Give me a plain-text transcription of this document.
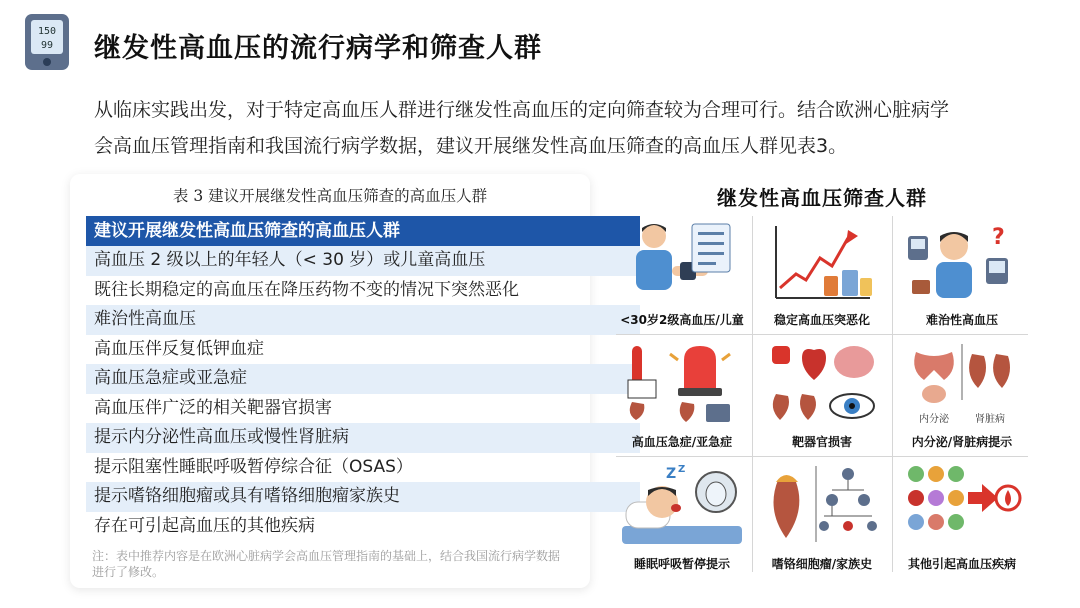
150
99 继发性高血压的流行病学和筛查人群

从临床实践出发，对于特定高血压人群进行继发性高血压的定向筛查较为合理可行。结合欧洲心脏病学
会高血压管理指南和我国流行病学数据，建议开展继发性高血压筛查的高血压人群见表3。

表 3 建议开展继发性高血压筛查的高血压人群
建议开展继发性高血压筛查的高血压人群
高血压 2 级以上的年轻人（< 30 岁）或儿童高血压
既往长期稳定的高血压在降压药物不变的情况下突然恶化
难治性高血压
高血压伴反复低钾血症
高血压急症或亚急症
高血压伴广泛的相关靶器官损害
提示内分泌性高血压或慢性肾脏病
提示阻塞性睡眠呼吸暂停综合征（OSAS）
提示嗜铬细胞瘤或具有嗜铬细胞瘤家族史
存在可引起高血压的其他疾病
注：表中推荐内容是在欧洲心脏病学会高血压管理指南的基础上，结合我国流行病学数据进行了修改。
继发性高血压筛查人群
<30岁2级高血压/儿童	稳定高血压突恶化
?
难治性高血压
高血压急症/亚急症	靶器官损害
内分泌	肾脏病
内分泌/肾脏病提示
Z Z
睡眠呼吸暂停提示	嗜铬细胞瘤/家族史	其他引起高血压疾病
